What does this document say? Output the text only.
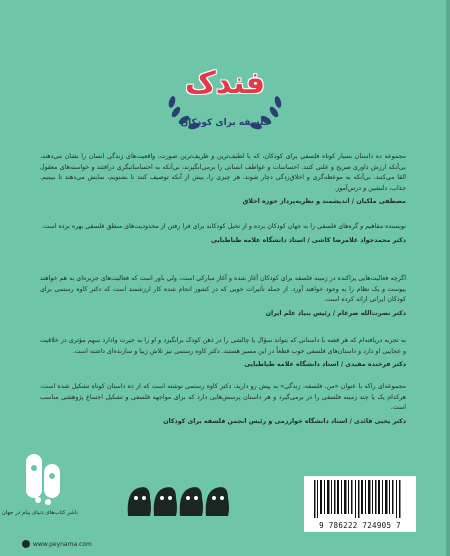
فندک
فلسفه برای کودکان
مجموعه ده داستان بسیار کوتاه فلسفی برای کودکان، که با لطیف‌ترین و ظریف‌ترین صورت، واقعیت‌های زندگی انسان را نشان می‌دهند، بی‌آنکه ارزش داوری صریح و علنی کنند. احساسات و عواطف انسانی را برمی‌انگیزند، بی‌آنکه به احساساتیگری درافتند و خواسته‌های معقول القا می‌کنند، بی‌آنکه به موعظه‌گری و اخلاق‌زدگی دچار شوند. هر چیزی را، بیش از آنکه توصیف کنند تا بشنویم، نمایش می‌دهند تا ببینیم. جذاب، دلنشین و درس‌آموز.
مصطفی ملکیان / اندیشمند و نظریه‌پرداز حوزه اخلاق
نویسنده مفاهیم و گره‌های فلسفی را به جهان کودکان برده و از تخیل کودکانه برای فرا رفتن از محدودیت‌های منطق فلسفی بهره برده است.
دکتر محمدجواد غلامرضا کاشی / استاد دانشگاه علامه طباطبایی
اگرچه فعالیت‌هایی پراکنده در زمینه فلسفه برای کودکان آغاز شده و آغاز مبارکی است، ولی باور است که فعالیت‌های جزیره‌ای به هم خواهند پیوست و یک نظام را به وجود خواهند آورد. از جمله تأثیرات خوبی که در کشور انجام شده کار ارزشمند است که دکتر کاوه رستمی برای کودکان ایرانی ارائه کرده است.
دکتر نصرت‌الله ضرغام / رئیس بنیاد علم ایران
به تجربه دریافته‌ام که هر قصه با داستانی که بتواند سؤال یا چالشی را در ذهن کودک برانگیزد و او را به حیرت وادارد سهم مؤثری در خلاقیت و عجایبی او دارد و داستان‌های فلسفی خوب قطعاً در این مسیر هستند. دکتر کاوه رستمی نیز تلاش زیبا و سازنده‌ای داشته است.
دکتر فرخنده مفیدی / استاد دانشگاه علامه طباطبایی
مجموعه‌ای راکه با عنوان «من، فلسفه، زندگی» به پیش رو دارید، دکتر کاوه رستمی نوشته است که از ده داستان کوتاه تشکیل شده است، هرکدام یک یا چند زمینه فلسفی را در برمی‌گیرد و هر داستان پرسش‌هایی دارد که برای مواجهه فلسفی و تشکیل اجتماع پژوهشی مناسب است.
دکتر یحیی قائدی / استاد دانشگاه خوارزمی و رئیس انجمن فلسفه برای کودکان
ناشر کتاب‌های دنیای پیام در جهان
9 786222 724905 7
www.peynama.com
